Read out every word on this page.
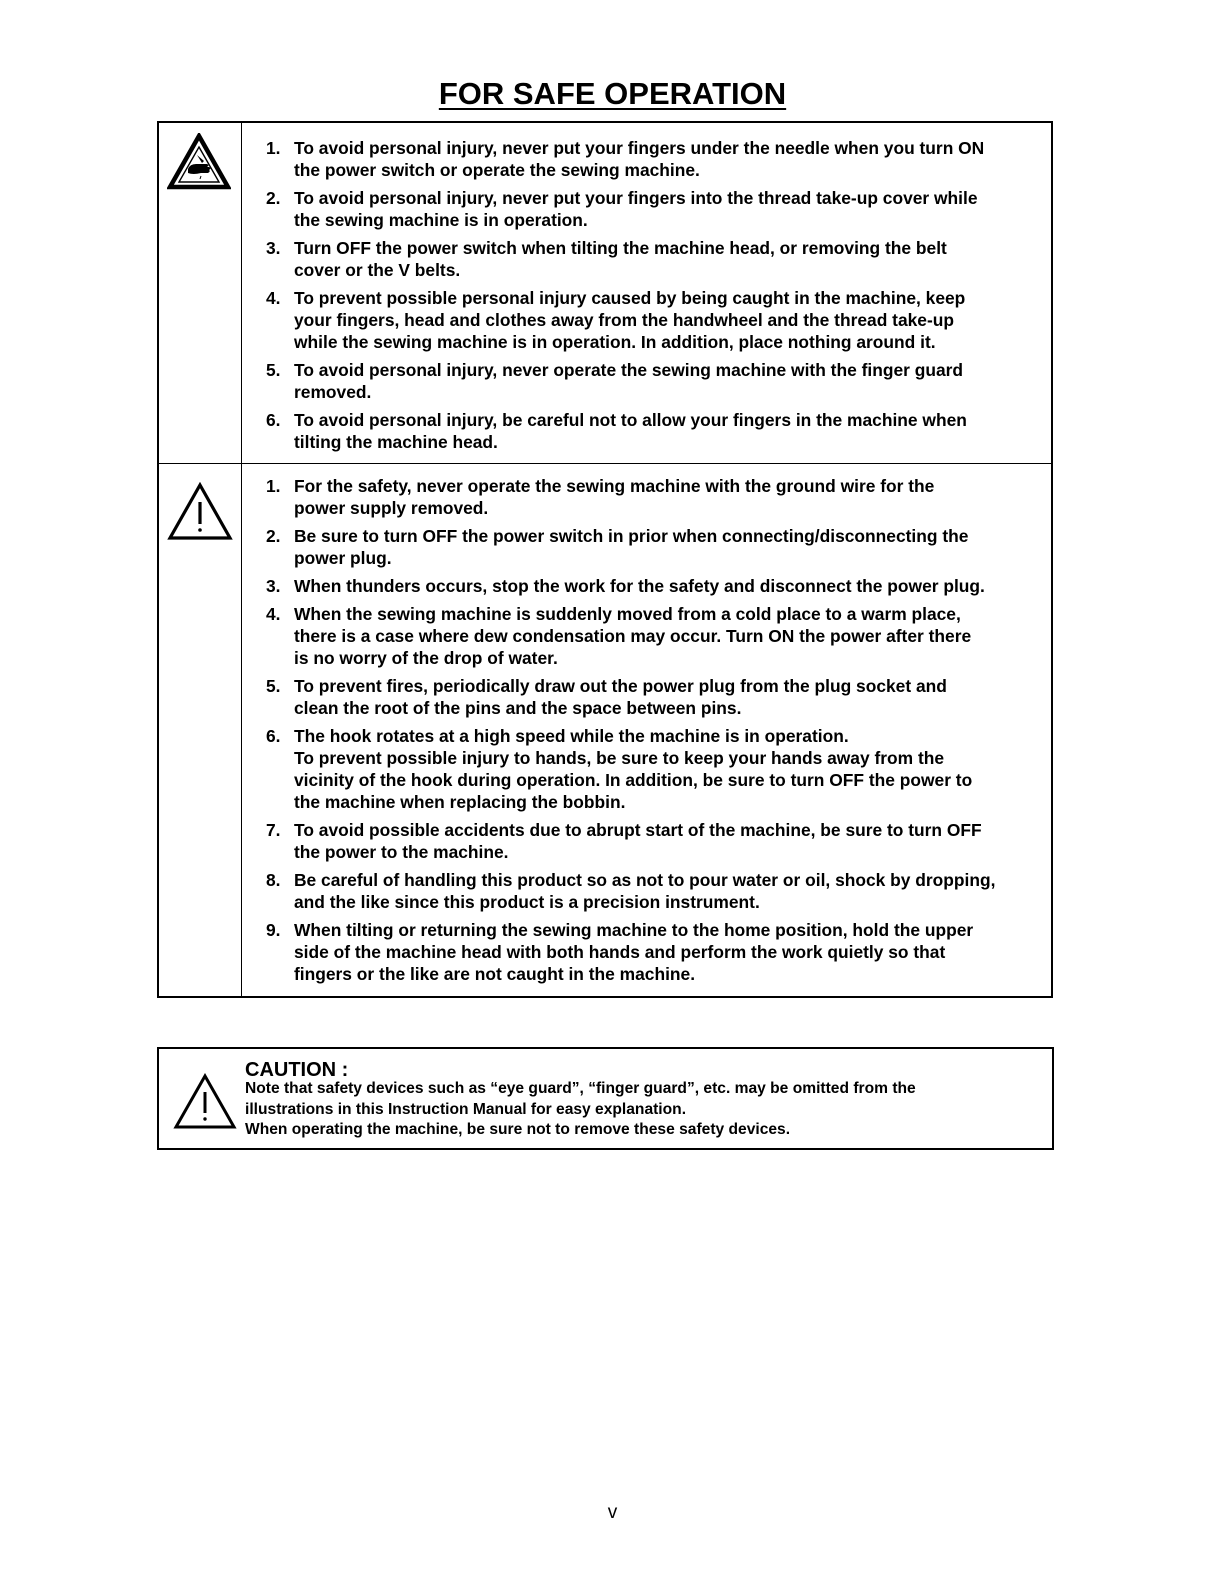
FOR SAFE OPERATION
1. To avoid personal injury, never put your fingers under the needle when you turn ON
the power switch or operate the sewing machine.
2. To avoid personal injury, never put your fingers into the thread take-up cover while
the sewing machine is in operation.
3. Turn OFF the power switch when tilting the machine head, or removing the belt
cover or the V belts.
4. To prevent possible personal injury caused by being caught in the machine, keep
your fingers, head and clothes away from the handwheel and the thread take-up
while the sewing machine is in operation. In addition, place nothing around it.
5. To avoid personal injury, never operate the sewing machine with the finger guard
removed.
6. To avoid personal injury, be careful not to allow your fingers in the machine when
tilting the machine head.
1. For the safety, never operate the sewing machine with the ground wire for the
power supply removed.
2. Be sure to turn OFF the power switch in prior when connecting/disconnecting the
power plug.
3. When thunders occurs, stop the work for the safety and disconnect the power plug.
4. When the sewing machine is suddenly moved from a cold place to a warm place,
there is a case where dew condensation may occur. Turn ON the power after there
is no worry of the drop of water.
5. To prevent fires, periodically draw out the power plug from the plug socket and
clean the root of the pins and the space between pins.
6. The hook rotates at a high speed while the machine is in operation.
To prevent possible injury to hands, be sure to keep your hands away from the
vicinity of the hook during operation. In addition, be sure to turn OFF the power to
the machine when replacing the bobbin.
7. To avoid possible accidents due to abrupt start of the machine, be sure to turn OFF
the power to the machine.
8. Be careful of handling this product so as not to pour water or oil, shock by dropping,
and the like since this product is a precision instrument.
9. When tilting or returning the sewing machine to the home position, hold the upper
side of the machine head with both hands and perform the work quietly so that
fingers or the like are not caught in the machine.
CAUTION :

Note that safety devices such as “eye guard”, “finger guard”, etc. may be omitted from the
illustrations in this Instruction Manual for easy explanation.
When operating the machine, be sure not to remove these safety devices.

v
